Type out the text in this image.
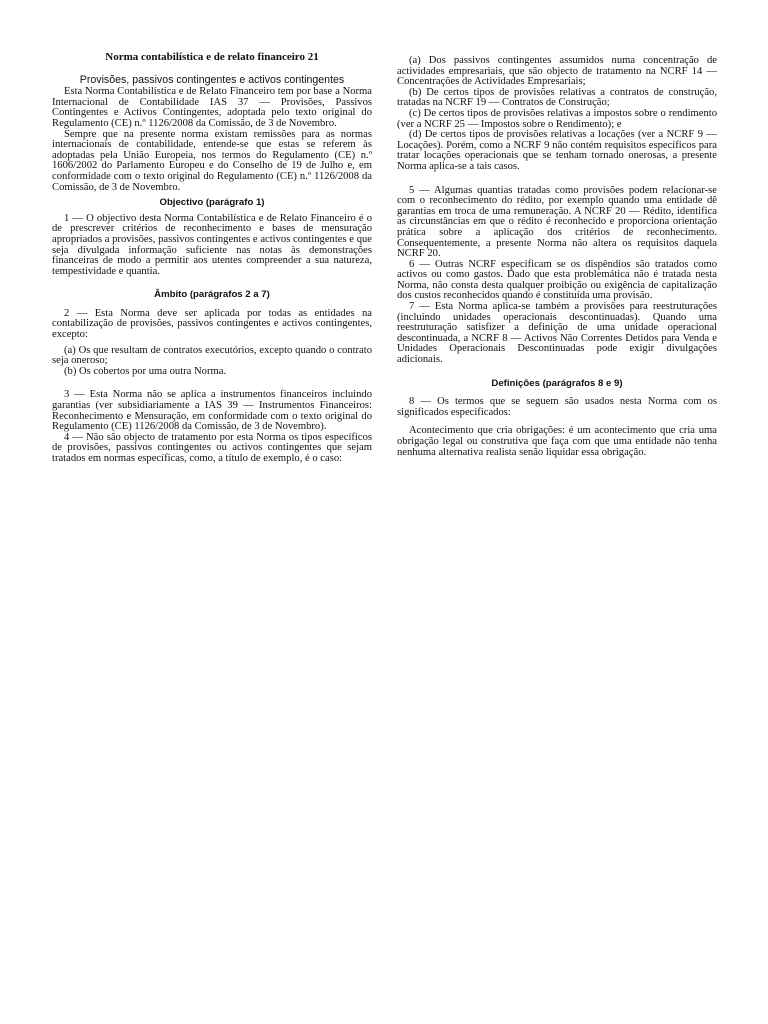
Norma contabilística e de relato financeiro 21

Provisões, passivos contingentes e activos contingentes

Esta Norma Contabilística e de Relato Financeiro tem por base a Norma Internacional de Contabilidade IAS 37 — Provisões, Passivos Contingentes e Activos Contingentes, adoptada pelo texto original do Regulamento (CE) n.º 1126/2008 da Comissão, de 3 de Novembro.

Sempre que na presente norma existam remissões para as normas internacionais de contabilidade, entende-se que estas se referem às adoptadas pela União Europeia, nos termos do Regulamento (CE) n.º 1606/2002 do Parlamento Europeu e do Conselho de 19 de Julho e, em conformidade com o texto original do Regulamento (CE) n.º 1126/2008 da Comissão, de 3 de Novembro.

Objectivo (parágrafo 1)

1 — O objectivo desta Norma Contabilística e de Relato Financeiro é o de prescrever critérios de reconhecimento e bases de mensuração apropriados a provisões, passivos contingentes e activos contingentes e que seja divulgada informação suficiente nas notas às demonstrações financeiras de modo a permitir aos utentes compreender a sua natureza, tempestividade e quantia.

Âmbito (parágrafos 2 a 7)

2 — Esta Norma deve ser aplicada por todas as entidades na contabilização de provisões, passivos contingentes e activos contingentes, excepto:

(a) Os que resultam de contratos executórios, excepto quando o contrato seja oneroso;

(b) Os cobertos por uma outra Norma.

3 — Esta Norma não se aplica a instrumentos financeiros incluindo garantias (ver subsidiariamente a IAS 39 — Instrumentos Financeiros: Reconhecimento e Mensuração, em conformidade com o texto original do Regulamento (CE) 1126/2008 da Comissão, de 3 de Novembro).

4 — Não são objecto de tratamento por esta Norma os tipos específicos de provisões, passivos contingentes ou activos contingentes que sejam tratados em normas específicas, como, a título de exemplo, é o caso:

(a) Dos passivos contingentes assumidos numa concentração de actividades empresariais, que são objecto de tratamento na NCRF 14 — Concentrações de Actividades Empresariais;

(b) De certos tipos de provisões relativas a contratos de construção, tratadas na NCRF 19 — Contratos de Construção;

(c) De certos tipos de provisões relativas a impostos sobre o rendimento (ver a NCRF 25 — Impostos sobre o Rendimento); e

(d) De certos tipos de provisões relativas a locações (ver a NCRF 9 — Locações). Porém, como a NCRF 9 não contém requisitos específicos para tratar locações operacionais que se tenham tornado onerosas, a presente Norma aplica-se a tais casos.

5 — Algumas quantias tratadas como provisões podem relacionar-se com o reconhecimento do rédito, por exemplo quando uma entidade dê garantias em troca de uma remuneração. A NCRF 20 — Rédito, identifica as circunstâncias em que o rédito é reconhecido e proporciona orientação prática sobre a aplicação dos critérios de reconhecimento. Consequentemente, a presente Norma não altera os requisitos daquela NCRF 20.

6 — Outras NCRF especificam se os dispêndios são tratados como activos ou como gastos. Dado que esta problemática não é tratada nesta Norma, não consta desta qualquer proibição ou exigência de capitalização dos custos reconhecidos quando é constituída uma provisão.

7 — Esta Norma aplica-se também a provisões para reestruturações (incluindo unidades operacionais descontinuadas). Quando uma reestruturação satisfizer a definição de uma unidade operacional descontinuada, a NCRF 8 — Activos Não Correntes Detidos para Venda e Unidades Operacionais Descontinuadas pode exigir divulgações adicionais.

Definições (parágrafos 8 e 9)

8 — Os termos que se seguem são usados nesta Norma com os significados especificados:

Acontecimento que cria obrigações: é um acontecimento que cria uma obrigação legal ou construtiva que faça com que uma entidade não tenha nenhuma alternativa realista senão liquidar essa obrigação.
